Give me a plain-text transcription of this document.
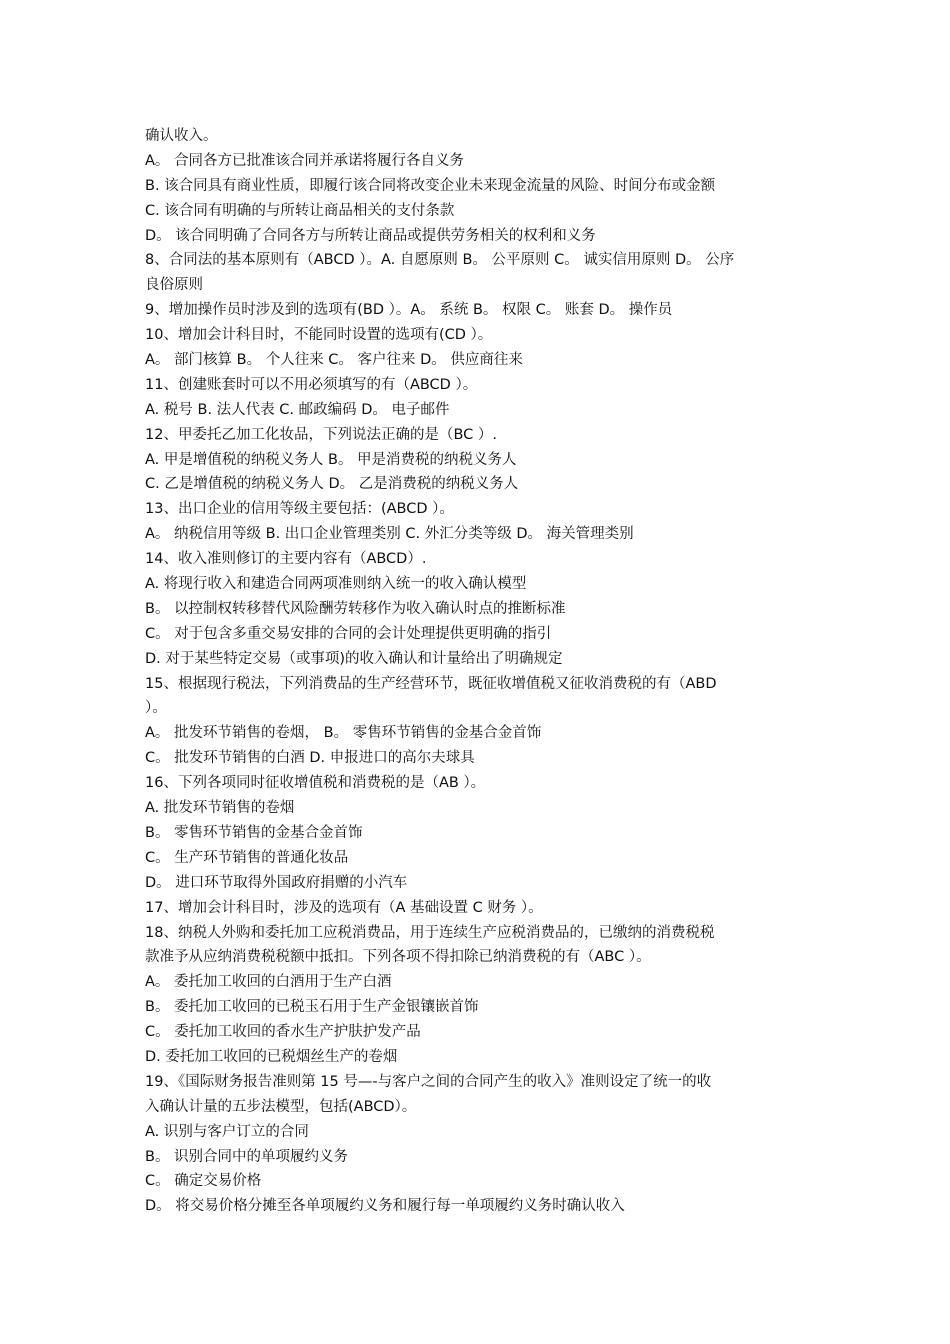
确认收入。
A。 合同各方已批准该合同并承诺将履行各自义务
B. 该合同具有商业性质，即履行该合同将改变企业未来现金流量的风险、时间分布或金额
C. 该合同有明确的与所转让商品相关的支付条款
D。 该合同明确了合同各方与所转让商品或提供劳务相关的权利和义务
8、合同法的基本原则有（ABCD ）。A. 自愿原则 B。 公平原则 C。 诚实信用原则 D。 公序
良俗原则
9、增加操作员时涉及到的选项有(BD ）。A。 系统 B。 权限 C。 账套 D。 操作员
10、增加会计科目时，不能同时设置的选项有(CD ）。
A。 部门核算 B。 个人往来 C。 客户往来 D。 供应商往来
11、创建账套时可以不用必须填写的有（ABCD ）。
A. 税号 B. 法人代表 C. 邮政编码 D。 电子邮件
12、甲委托乙加工化妆品，下列说法正确的是（BC ）.
A. 甲是增值税的纳税义务人 B。 甲是消费税的纳税义务人
C. 乙是增值税的纳税义务人 D。 乙是消费税的纳税义务人
13、出口企业的信用等级主要包括：(ABCD ）。
A。 纳税信用等级 B. 出口企业管理类别 C. 外汇分类等级 D。 海关管理类别
14、收入准则修订的主要内容有（ABCD）.
A. 将现行收入和建造合同两项准则纳入统一的收入确认模型
B。 以控制权转移替代风险酬劳转移作为收入确认时点的推断标准
C。 对于包含多重交易安排的合同的会计处理提供更明确的指引
D. 对于某些特定交易（或事项)的收入确认和计量给出了明确规定
15、根据现行税法，下列消费品的生产经营环节，既征收增值税又征收消费税的有（ABD
）。
A。 批发环节销售的卷烟， B。 零售环节销售的金基合金首饰
C。 批发环节销售的白酒 D. 申报进口的高尔夫球具
16、下列各项同时征收增值税和消费税的是（AB ）。
A. 批发环节销售的卷烟
B。 零售环节销售的金基合金首饰
C。 生产环节销售的普通化妆品
D。 进口环节取得外国政府捐赠的小汽车
17、增加会计科目时，涉及的选项有（A 基础设置 C 财务 ）。
18、纳税人外购和委托加工应税消费品，用于连续生产应税消费品的，已缴纳的消费税税
款准予从应纳消费税税额中抵扣。下列各项不得扣除已纳消费税的有（ABC ）。
A。 委托加工收回的白酒用于生产白酒
B。 委托加工收回的已税玉石用于生产金银镶嵌首饰
C。 委托加工收回的香水生产护肤护发产品
D. 委托加工收回的已税烟丝生产的卷烟
19、《国际财务报告准则第 15 号—-与客户之间的合同产生的收入》准则设定了统一的收
入确认计量的五步法模型，包括(ABCD）。
A. 识别与客户订立的合同
B。 识别合同中的单项履约义务
C。 确定交易价格
D。 将交易价格分摊至各单项履约义务和履行每一单项履约义务时确认收入
